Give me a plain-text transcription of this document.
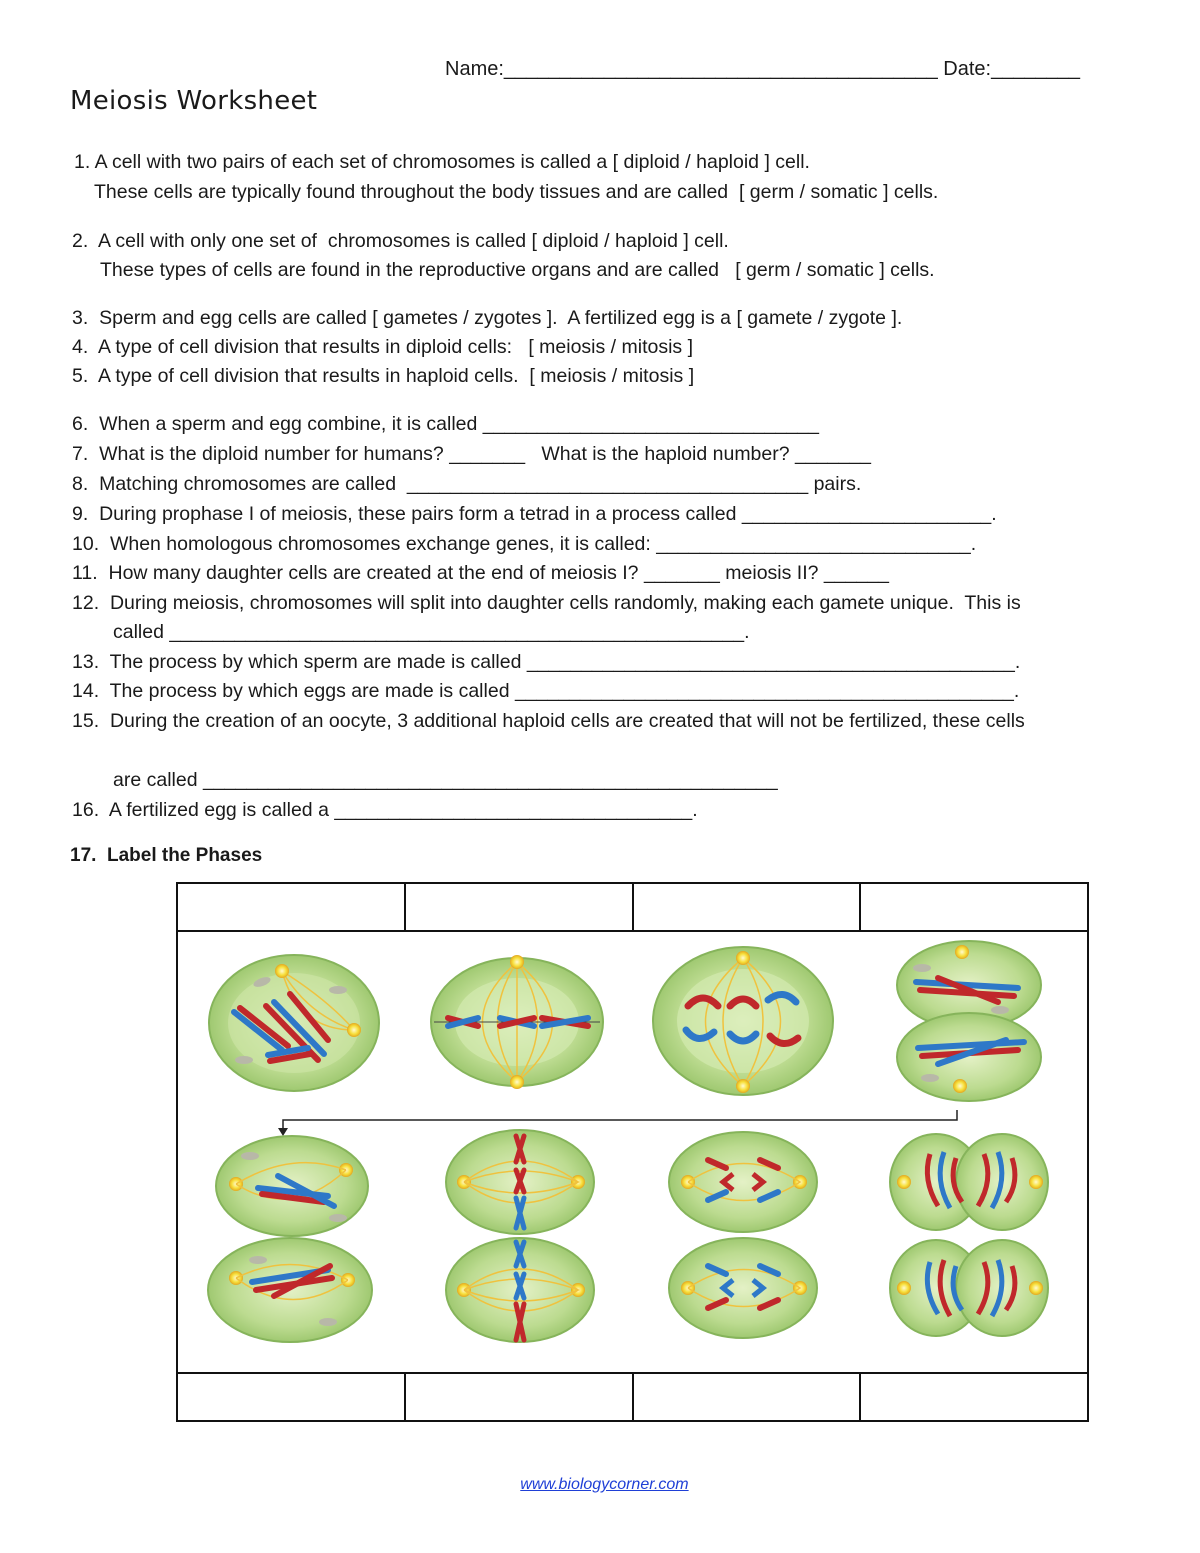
Name:_______________________________________ Date:________
Meiosis Worksheet
1. A cell with two pairs of each set of chromosomes is called a [ diploid / haploid ] cell.
These cells are typically found throughout the body tissues and are called  [ germ / somatic ] cells.
2.  A cell with only one set of  chromosomes is called [ diploid / haploid ] cell.
These types of cells are found in the reproductive organs and are called   [ germ / somatic ] cells.
3.  Sperm and egg cells are called [ gametes / zygotes ].  A fertilized egg is a [ gamete / zygote ].
4.  A type of cell division that results in diploid cells:   [ meiosis / mitosis ]
5.  A type of cell division that results in haploid cells.  [ meiosis / mitosis ]
6.  When a sperm and egg combine, it is called _______________________________
7.  What is the diploid number for humans? _______   What is the haploid number? _______
8.  Matching chromosomes are called  _____________________________________ pairs.
9.  During prophase I of meiosis, these pairs form a tetrad in a process called _______________________.
10.  When homologous chromosomes exchange genes, it is called: _____________________________.
11.  How many daughter cells are created at the end of meiosis I? _______ meiosis II? ______
12.  During meiosis, chromosomes will split into daughter cells randomly, making each gamete unique.  This is
called _____________________________________________________.
13.  The process by which sperm are made is called _____________________________________________.
14.  The process by which eggs are made is called ______________________________________________.
15.  During the creation of an oocyte, 3 additional haploid cells are created that will not be fertilized, these cells
are called _____________________________________________________
16.  A fertilized egg is called a _________________________________.
17.  Label the Phases

www.biologycorner.com
